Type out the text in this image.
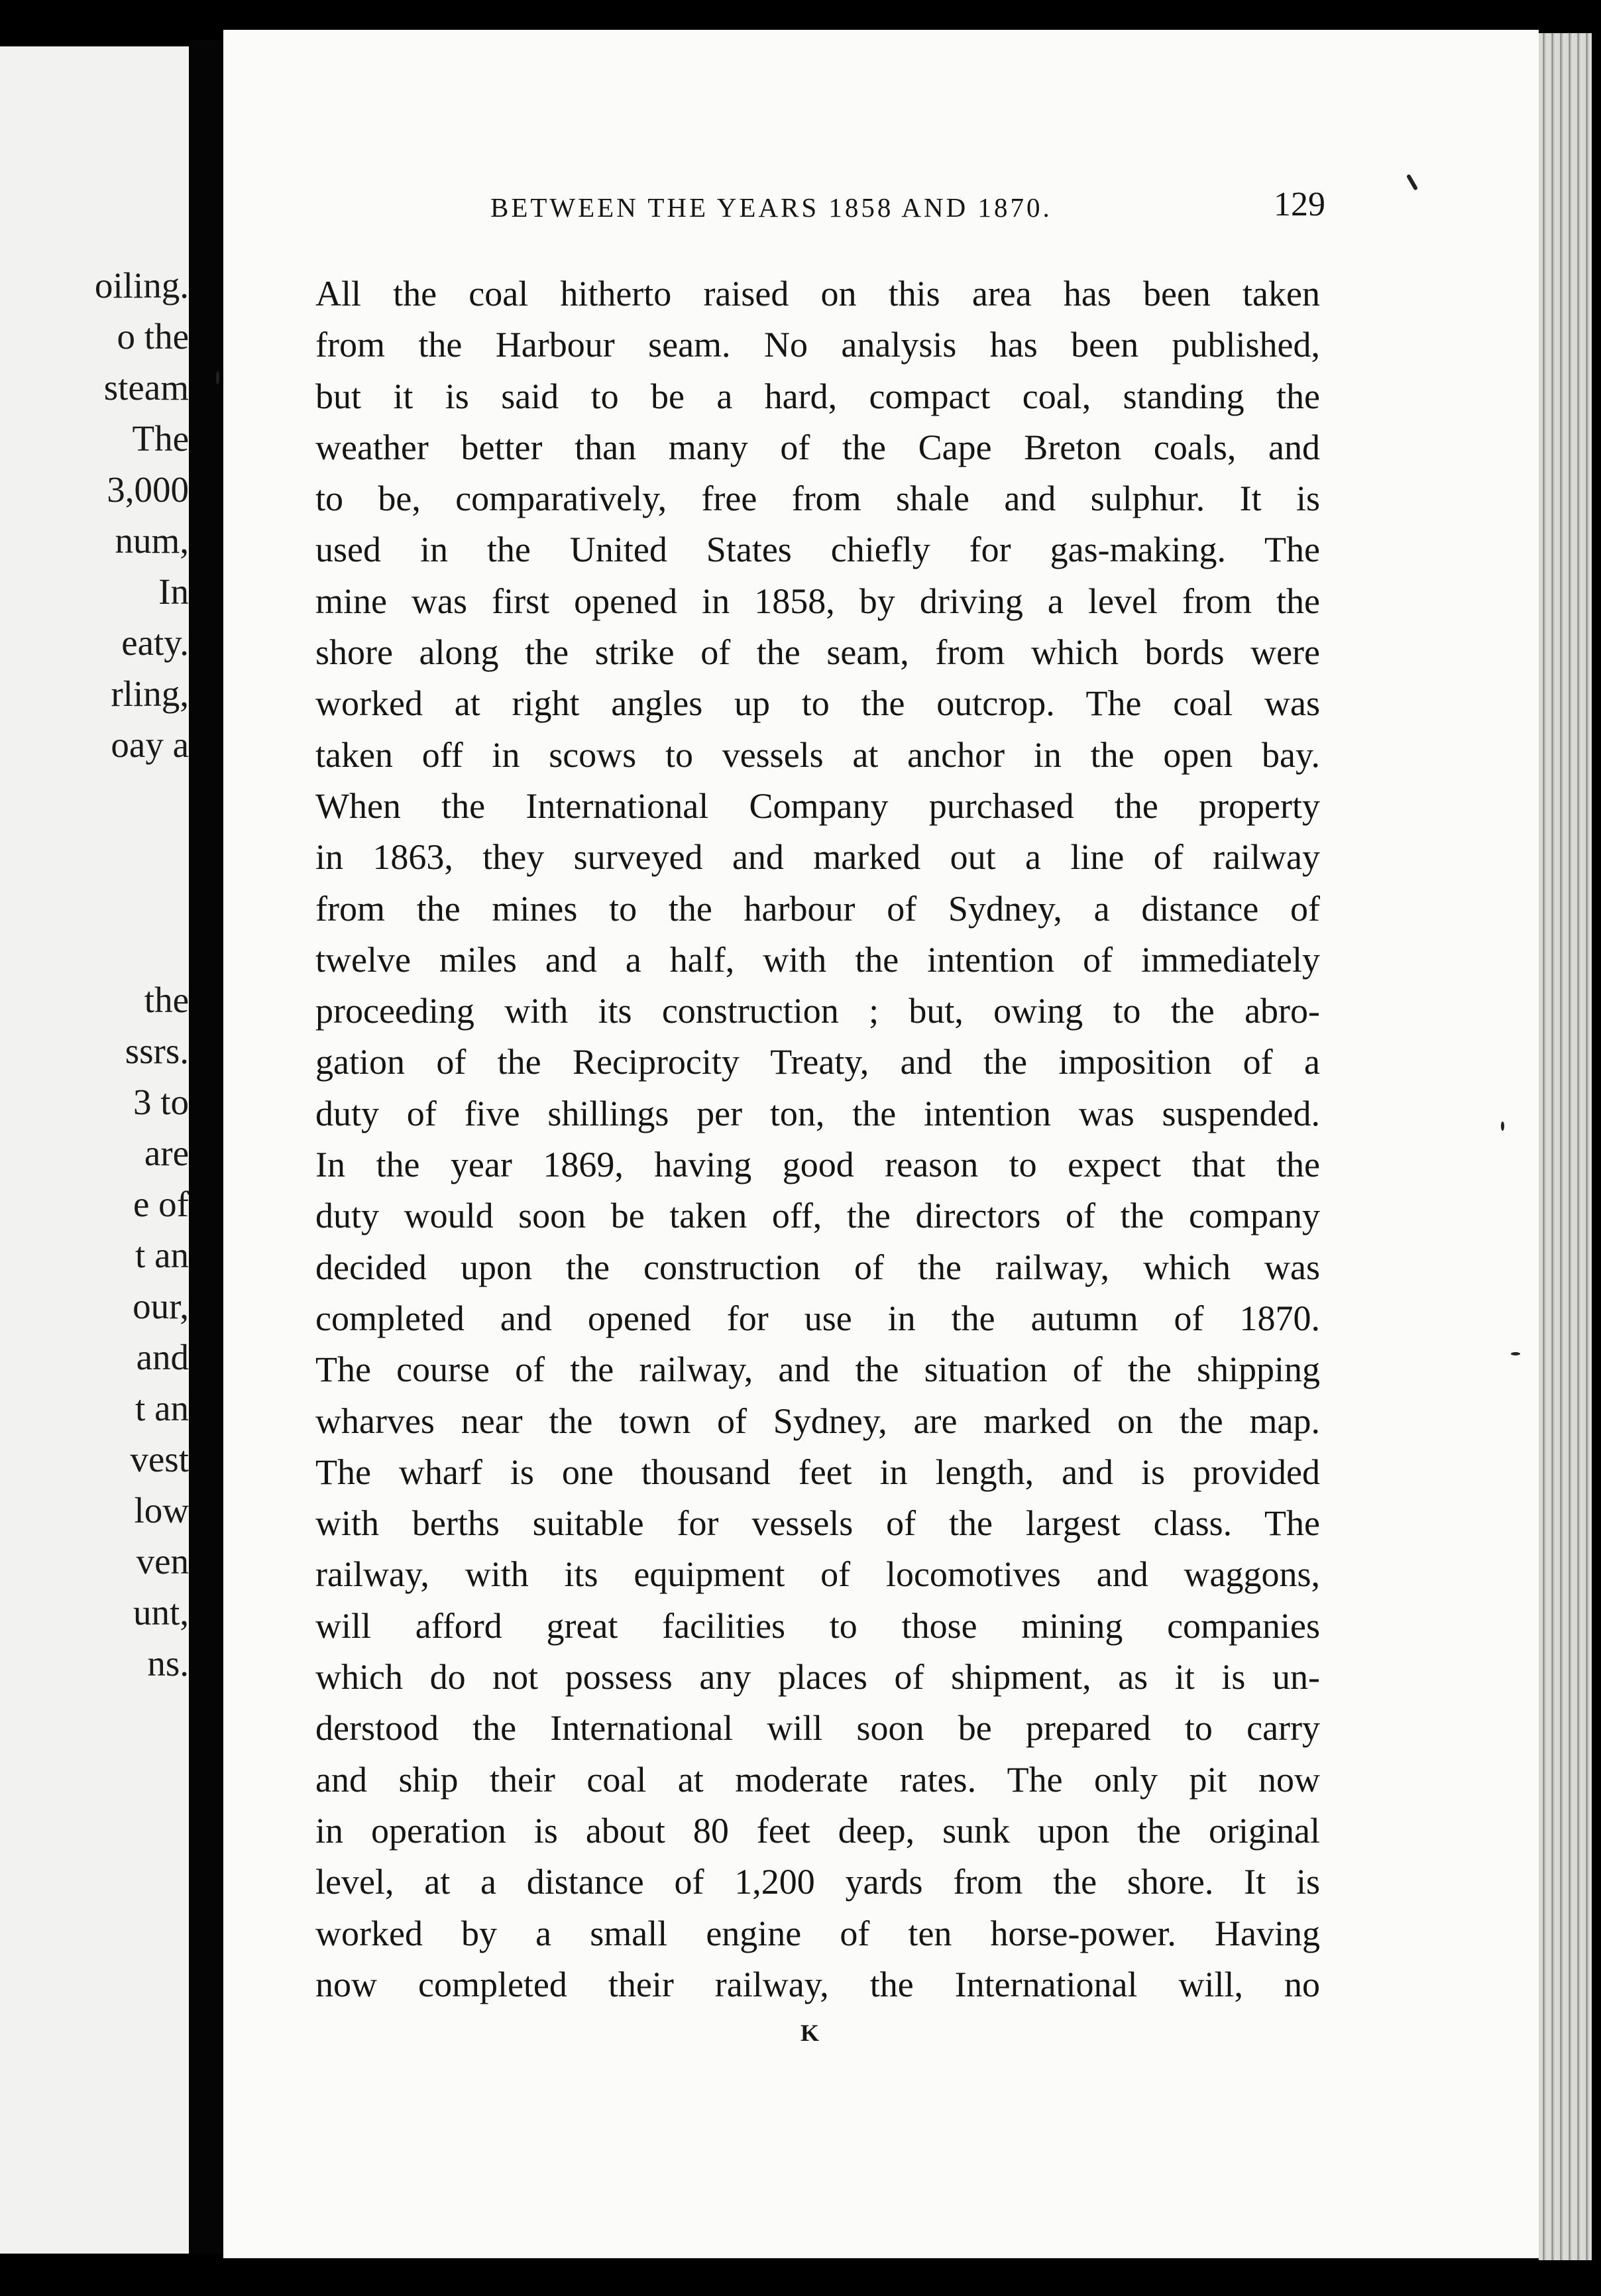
oiling.
o the
steam
The
3,000
num,
In
eaty.
rling,
oay a
the
ssrs.
3 to
are
e of
t an
our,
and
t an
vest
low
ven
unt,
ns.
BETWEEN THE YEARS 1858 AND 1870.	129
All the coal hitherto raised on this area has been taken
from the Harbour seam. No analysis has been published,
but it is said to be a hard, compact coal, standing the
weather better than many of the Cape Breton coals, and
to be, comparatively, free from shale and sulphur. It is
used in the United States chiefly for gas-making. The
mine was first opened in 1858, by driving a level from the
shore along the strike of the seam, from which bords were
worked at right angles up to the outcrop. The coal was
taken off in scows to vessels at anchor in the open bay.
When the International Company purchased the property
in 1863, they surveyed and marked out a line of railway
from the mines to the harbour of Sydney, a distance of
twelve miles and a half, with the intention of immediately
proceeding with its construction ; but, owing to the abro-
gation of the Reciprocity Treaty, and the imposition of a
duty of five shillings per ton, the intention was suspended.
In the year 1869, having good reason to expect that the
duty would soon be taken off, the directors of the company
decided upon the construction of the railway, which was
completed and opened for use in the autumn of 1870.
The course of the railway, and the situation of the shipping
wharves near the town of Sydney, are marked on the map.
The wharf is one thousand feet in length, and is provided
with berths suitable for vessels of the largest class. The
railway, with its equipment of locomotives and waggons,
will afford great facilities to those mining companies
which do not possess any places of shipment, as it is un-
derstood the International will soon be prepared to carry
and ship their coal at moderate rates. The only pit now
in operation is about 80 feet deep, sunk upon the original
level, at a distance of 1,200 yards from the shore. It is
worked by a small engine of ten horse-power. Having
now completed their railway, the International will, no
K
